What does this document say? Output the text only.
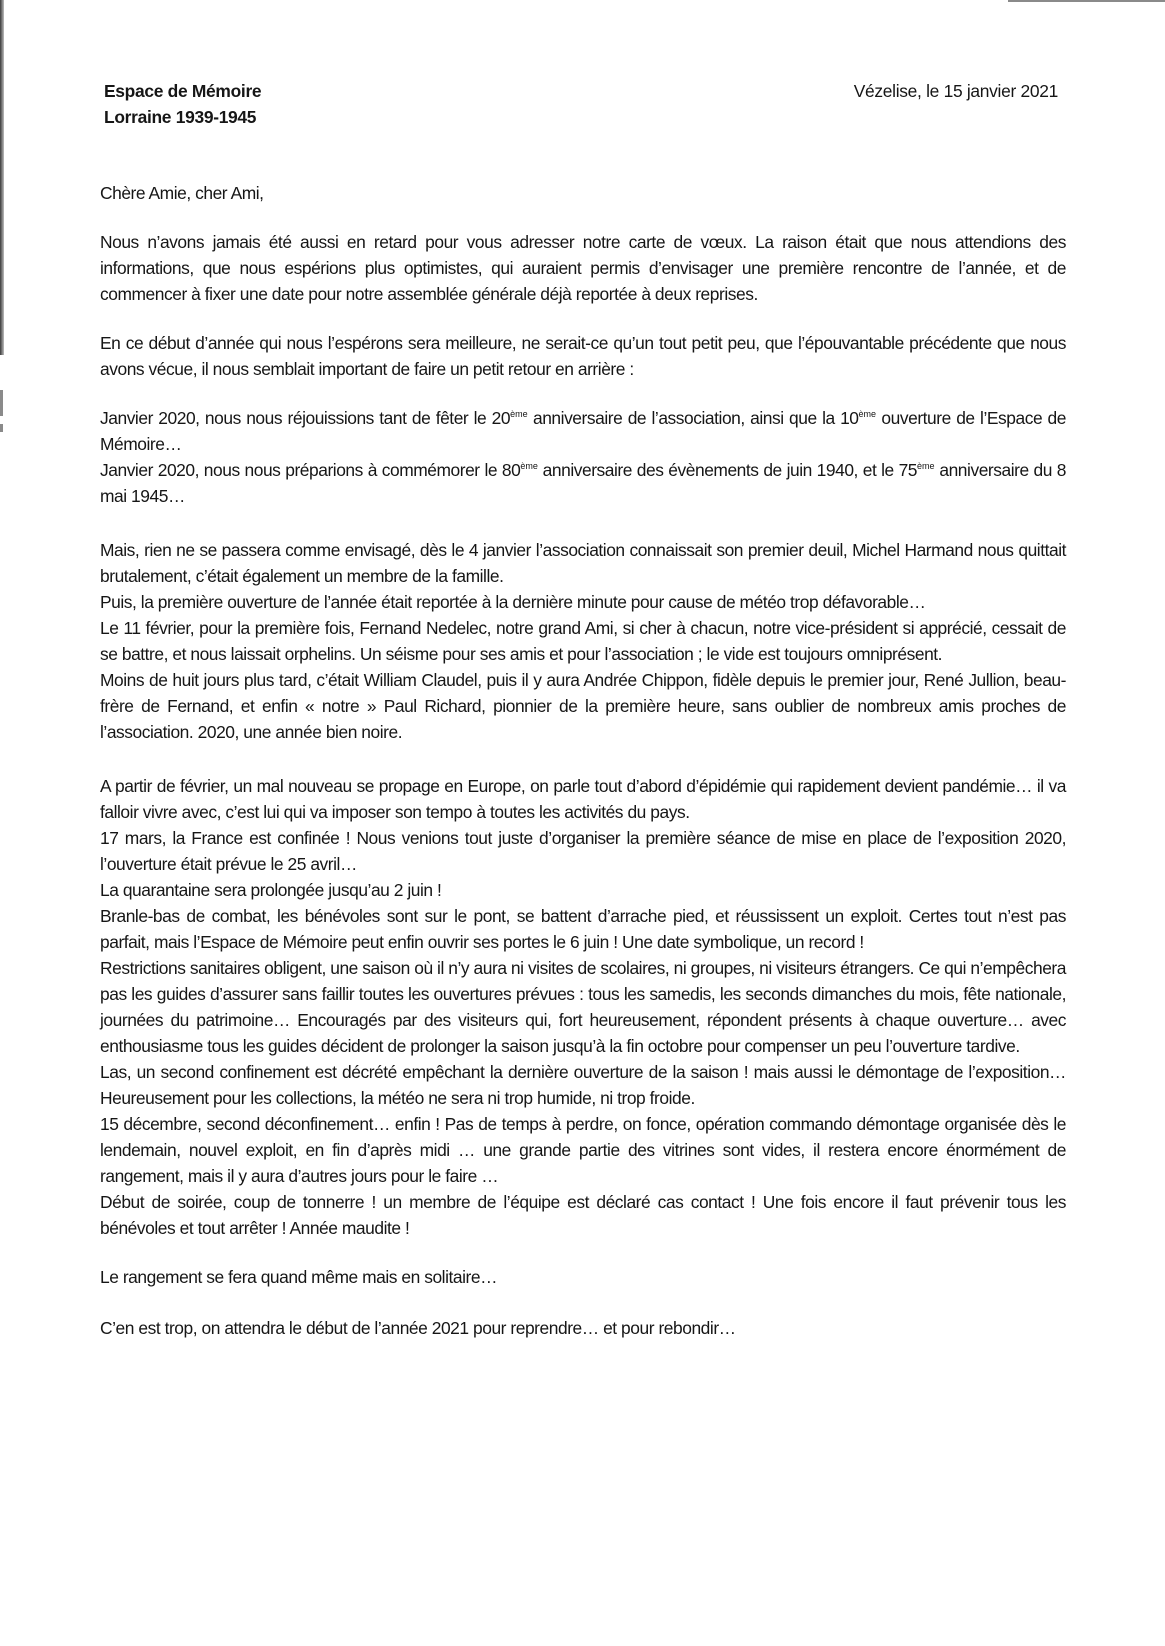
Espace de Mémoire
Lorraine 1939-1945
Vézelise, le 15 janvier 2021
Chère Amie, cher Ami,

Nous n’avons jamais été aussi en retard pour vous adresser notre carte de vœux. La raison était que nous attendions des informations, que nous espérions plus optimistes, qui auraient permis d’envisager une première rencontre de l’année, et de commencer à fixer une date pour notre assemblée générale déjà reportée à deux reprises.

En ce début d’année qui nous l’espérons sera meilleure, ne serait-ce qu’un tout petit peu, que l’épouvantable précédente que nous avons vécue, il nous semblait important de faire un petit retour en arrière :

Janvier 2020, nous nous réjouissions tant de fêter le 20ème anniversaire de l’association, ainsi que la 10ème ouverture de l’Espace de Mémoire…

Janvier 2020, nous nous préparions à commémorer le 80ème anniversaire des évènements de juin 1940, et le 75ème anniversaire du 8 mai 1945…

Mais, rien ne se passera comme envisagé, dès le 4 janvier l’association connaissait son premier deuil, Michel Harmand nous quittait brutalement, c’était également un membre de la famille.

Puis, la première ouverture de l’année était reportée à la dernière minute pour cause de météo trop défavorable…

Le 11 février, pour la première fois, Fernand Nedelec, notre grand Ami, si cher à chacun, notre vice-président si apprécié, cessait de se battre, et nous laissait orphelins. Un séisme pour ses amis et pour l’association ; le vide est toujours omniprésent.

Moins de huit jours plus tard, c’était William Claudel, puis il y aura Andrée Chippon, fidèle depuis le premier jour, René Jullion, beau-frère de Fernand, et enfin « notre » Paul Richard, pionnier de la première heure, sans oublier de nombreux amis proches de l’association. 2020, une année bien noire.

A partir de février, un mal nouveau se propage en Europe, on parle tout d’abord d’épidémie qui rapidement devient pandémie… il va falloir vivre avec, c’est lui qui va imposer son tempo à toutes les activités du pays.

17 mars, la France est confinée ! Nous venions tout juste d’organiser la première séance de mise en place de l’exposition 2020, l’ouverture était prévue le 25 avril…

La quarantaine sera prolongée jusqu’au 2 juin !

Branle-bas de combat, les bénévoles sont sur le pont, se battent d’arrache pied, et réussissent un exploit. Certes tout n’est pas parfait, mais l’Espace de Mémoire peut enfin ouvrir ses portes le 6 juin ! Une date symbolique, un record !

Restrictions sanitaires obligent, une saison où il n’y aura ni visites de scolaires, ni groupes, ni visiteurs étrangers. Ce qui n’empêchera pas les guides d’assurer sans faillir toutes les ouvertures prévues : tous les samedis, les seconds dimanches du mois, fête nationale, journées du patrimoine… Encouragés par des visiteurs qui, fort heureusement, répondent présents à chaque ouverture… avec enthousiasme tous les guides décident de prolonger la saison jusqu’à la fin octobre pour compenser un peu l’ouverture tardive.

Las, un second confinement est décrété empêchant la dernière ouverture de la saison ! mais aussi le démontage de l’exposition… Heureusement pour les collections, la météo ne sera ni trop humide, ni trop froide.

15 décembre, second déconfinement… enfin ! Pas de temps à perdre, on fonce, opération commando démontage organisée dès le lendemain, nouvel exploit, en fin d’après midi … une grande partie des vitrines sont vides, il restera encore énormément de rangement, mais il y aura d’autres jours pour le faire …

Début de soirée, coup de tonnerre ! un membre de l’équipe est déclaré cas contact ! Une fois encore il faut prévenir tous les bénévoles et tout arrêter ! Année maudite !

Le rangement se fera quand même mais en solitaire…

C’en est trop, on attendra le début de l’année 2021 pour reprendre… et pour rebondir…
